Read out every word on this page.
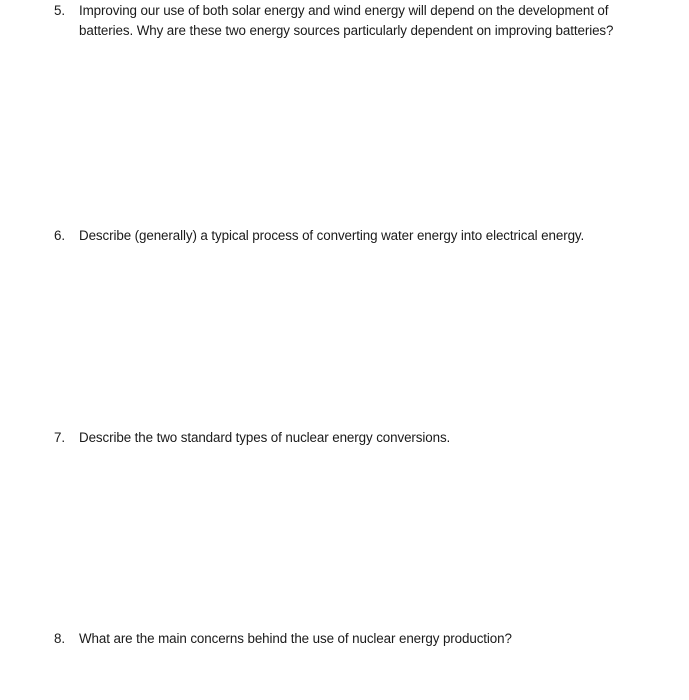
5.	Improving our use of both solar energy and wind energy will depend on the development of batteries. Why are these two energy sources particularly dependent on improving batteries?
6.	Describe (generally) a typical process of converting water energy into electrical energy.
7.	Describe the two standard types of nuclear energy conversions.
8.	What are the main concerns behind the use of nuclear energy production?
